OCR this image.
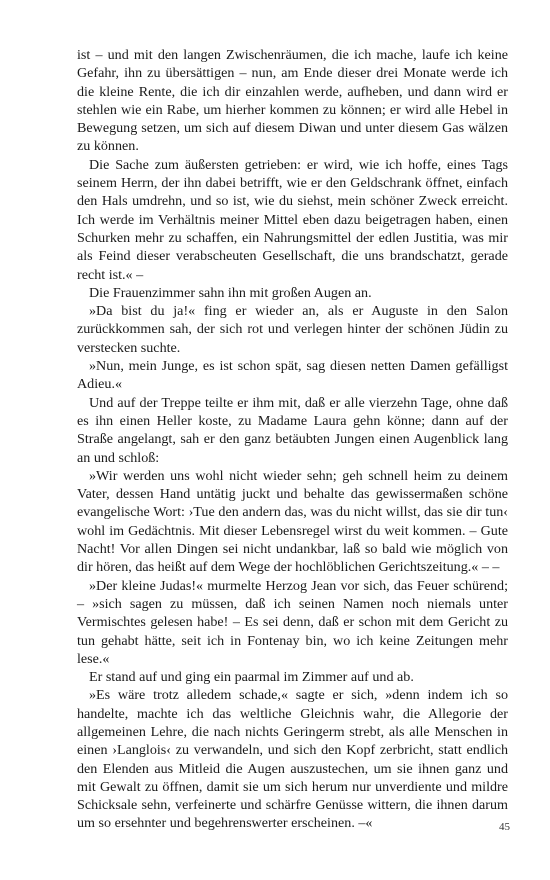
ist – und mit den langen Zwischenräumen, die ich mache, laufe ich keine Gefahr, ihn zu übersättigen – nun, am Ende dieser drei Monate werde ich die kleine Rente, die ich dir einzahlen werde, aufheben, und dann wird er stehlen wie ein Rabe, um hierher kommen zu können; er wird alle Hebel in Bewegung setzen, um sich auf diesem Diwan und unter diesem Gas wälzen zu können.

Die Sache zum äußersten getrieben: er wird, wie ich hoffe, eines Tags seinem Herrn, der ihn dabei betrifft, wie er den Geldschrank öffnet, einfach den Hals umdrehn, und so ist, wie du siehst, mein schöner Zweck erreicht. Ich werde im Verhältnis meiner Mittel eben dazu beigetragen haben, einen Schurken mehr zu schaffen, ein Nahrungsmittel der edlen Justitia, was mir als Feind dieser verabscheuten Gesellschaft, die uns brandschatzt, gerade recht ist.« –

Die Frauenzimmer sahn ihn mit großen Augen an.

»Da bist du ja!« fing er wieder an, als er Auguste in den Salon zurückkommen sah, der sich rot und verlegen hinter der schönen Jüdin zu verstecken suchte.

»Nun, mein Junge, es ist schon spät, sag diesen netten Damen gefälligst Adieu.«

Und auf der Treppe teilte er ihm mit, daß er alle vierzehn Tage, ohne daß es ihn einen Heller koste, zu Madame Laura gehn könne; dann auf der Straße angelangt, sah er den ganz betäubten Jungen einen Augenblick lang an und schloß:

»Wir werden uns wohl nicht wieder sehn; geh schnell heim zu deinem Vater, dessen Hand untätig juckt und behalte das gewissermaßen schöne evangelische Wort: ›Tue den andern das, was du nicht willst, das sie dir tun‹ wohl im Gedächtnis. Mit dieser Lebensregel wirst du weit kommen. – Gute Nacht! Vor allen Dingen sei nicht undankbar, laß so bald wie möglich von dir hören, das heißt auf dem Wege der hochlöblichen Gerichtszeitung.« – –

»Der kleine Judas!« murmelte Herzog Jean vor sich, das Feuer schürend; – »sich sagen zu müssen, daß ich seinen Namen noch niemals unter Vermischtes gelesen habe! – Es sei denn, daß er schon mit dem Gericht zu tun gehabt hätte, seit ich in Fontenay bin, wo ich keine Zeitungen mehr lese.«

Er stand auf und ging ein paarmal im Zimmer auf und ab.

»Es wäre trotz alledem schade,« sagte er sich, »denn indem ich so handelte, machte ich das weltliche Gleichnis wahr, die Allegorie der allgemeinen Lehre, die nach nichts Geringerm strebt, als alle Menschen in einen ›Langlois‹ zu verwandeln, und sich den Kopf zerbricht, statt endlich den Elenden aus Mitleid die Augen auszustechen, um sie ihnen ganz und mit Gewalt zu öffnen, damit sie um sich herum nur unverdiente und mildre Schicksale sehn, verfeinerte und schärfre Genüsse wittern, die ihnen darum um so ersehnter und begehrenswerter erscheinen. –«	45
